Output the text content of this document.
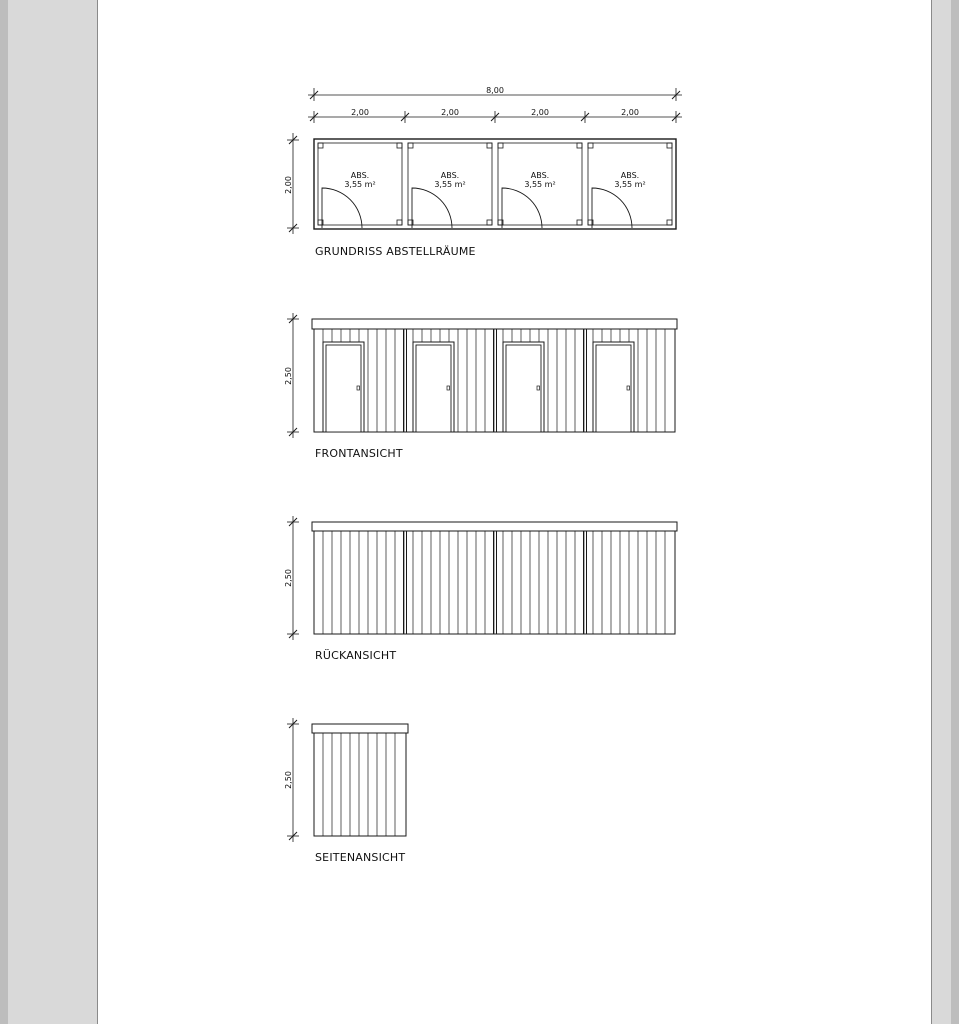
8,00
2,00	2,00	2,00	2,00
2,00
ABS.
3,55 m²
ABS.
3,55 m²
ABS.
3,55 m²
ABS.
3,55 m²
GRUNDRISS ABSTELLRÄUME
2,50
FRONTANSICHT
2,50
RÜCKANSICHT
2,50
SEITENANSICHT
